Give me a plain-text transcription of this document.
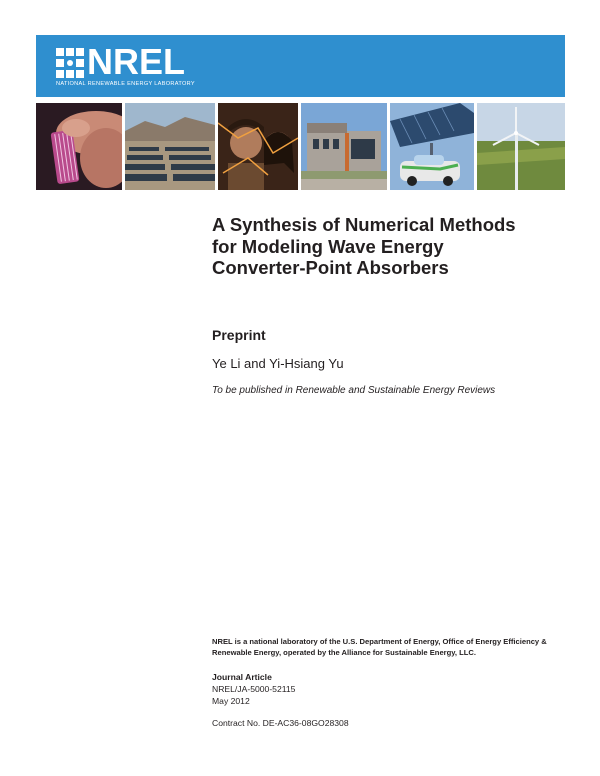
NREL
NATIONAL RENEWABLE ENERGY LABORATORY
A Synthesis of Numerical Methods for Modeling Wave Energy Converter-Point Absorbers
Preprint
Ye Li and Yi-Hsiang Yu
To be published in Renewable and Sustainable Energy Reviews
NREL is a national laboratory of the U.S. Department of Energy, Office of Energy Efficiency & Renewable Energy, operated by the Alliance for Sustainable Energy, LLC.
Journal Article
NREL/JA-5000-52115
May 2012
Contract No. DE-AC36-08GO28308
